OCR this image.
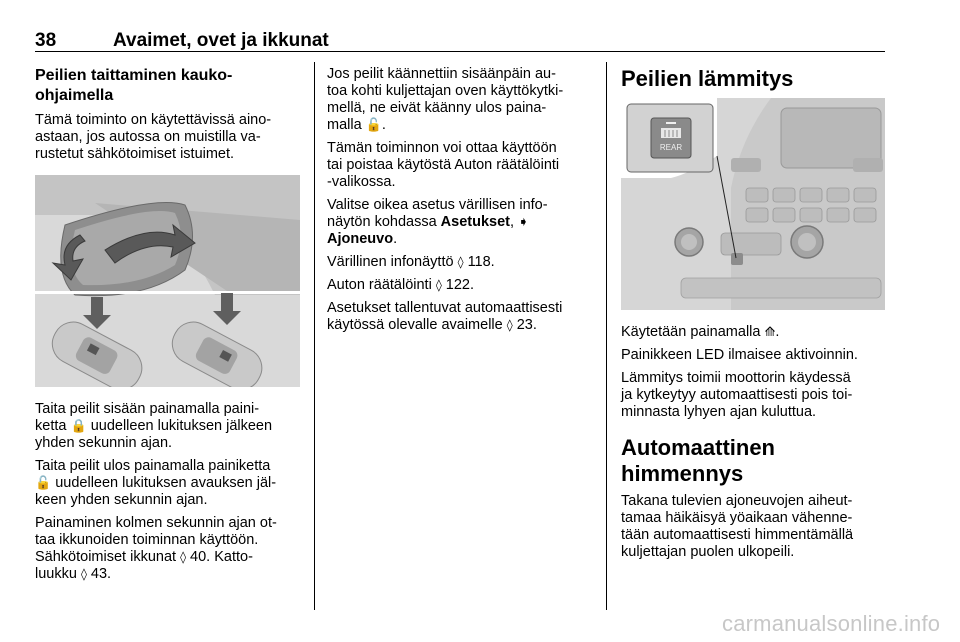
38	Avaimet, ovet ja ikkunat
Peilien taittaminen kauko-
ohjaimella

Tämä toiminto on käytettävissä aino-
astaan, jos autossa on muistilla va-
rustetut sähkötoimiset istuimet.

Taita peilit sisään painamalla paini-
ketta 🔒 uudelleen lukituksen jälkeen
yhden sekunnin ajan.

Taita peilit ulos painamalla painiketta
🔓 uudelleen lukituksen avauksen jäl-
keen yhden sekunnin ajan.

Painaminen kolmen sekunnin ajan ot-
taa ikkunoiden toiminnan käyttöön.
Sähkötoimiset ikkunat ◊ 40. Katto-
luukku ◊ 43.

Jos peilit käännettiin sisäänpäin au-
toa kohti kuljettajan oven käyttökytki-
mellä, ne eivät käänny ulos paina-
malla 🔓.

Tämän toiminnon voi ottaa käyttöön
tai poistaa käytöstä Auton räätälöinti
-valikossa.

Valitse oikea asetus värillisen info-
näytön kohdassa Asetukset, ➧
Ajoneuvo.

Värillinen infonäyttö ◊ 118.

Auton räätälöinti ◊ 122.

Asetukset tallentuvat automaattisesti
käytössä olevalle avaimelle ◊ 23.

Peilien lämmitys
REAR

Käytetään painamalla ⟰.

Painikkeen LED ilmaisee aktivoinnin.

Lämmitys toimii moottorin käydessä
ja kytkeytyy automaattisesti pois toi-
minnasta lyhyen ajan kuluttua.

Automaattinen himmennys

Takana tulevien ajoneuvojen aiheut-
tamaa häikäisyä yöaikaan vähenne-
tään automaattisesti himmentämällä
kuljettajan puolen ulkopeili.

carmanualsonline.info
